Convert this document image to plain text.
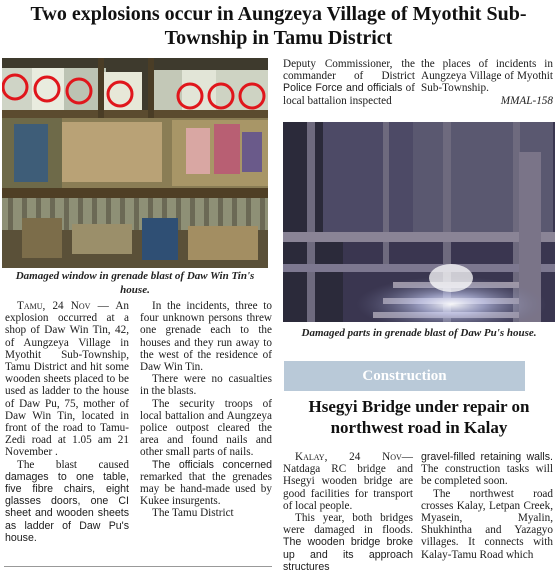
Two explosions occur in Aungzeya Village of Myothit Sub-Township in Tamu District
Damaged window in grenade blast of Daw Win Tin's house.
Damaged parts in grenade blast of Daw Pu's house.

Tamu, 24 Nov — An explosion occurred at a shop of Daw Win Tin, 42, of Aungzeya Village in Myothit Sub-Township, Tamu District and hit some wooden sheets placed to be used as ladder to the house of Daw Pu, 75, mother of Daw Win Tin, located in front of the road to Tamu-Zedi road at 1.05 am 21 November .

The blast caused damages to one table, five fibre chairs, eight glasses doors, one CI sheet and wooden sheets as ladder of Daw Pu's house.

In the incidents, three to four unknown persons threw one grenade each to the houses and they run away to the west of the residence of Daw Win Tin.

There were no casualties in the blasts.

The security troops of local battalion and Aungzeya police outpost cleared the area and found nails and other small parts of nails.

The officials concerned remarked that the grenades may be hand-made used by Kukee insurgents.

The Tamu District

Deputy Commissioner, the commander of District Police Force and officials of local battalion inspected

the places of incidents in Aungzeya Village of Myothit Sub-Township.

MMAL-158

Construction
Hsegyi Bridge under repair on northwest road in Kalay

Kalay, 24 Nov— Natdaga RC bridge and Hsegyi wooden bridge are good facilities for transport of local people.

This year, both bridges were damaged in floods. The wooden bridge broke up and its approach structures

gravel-filled retaining walls. The construction tasks will be completed soon.

The northwest road crosses Kalay, Letpan Creek, Myasein, Myalin, Shukhintha and Yazagyo villages. It connects with Kalay-Tamu Road which
